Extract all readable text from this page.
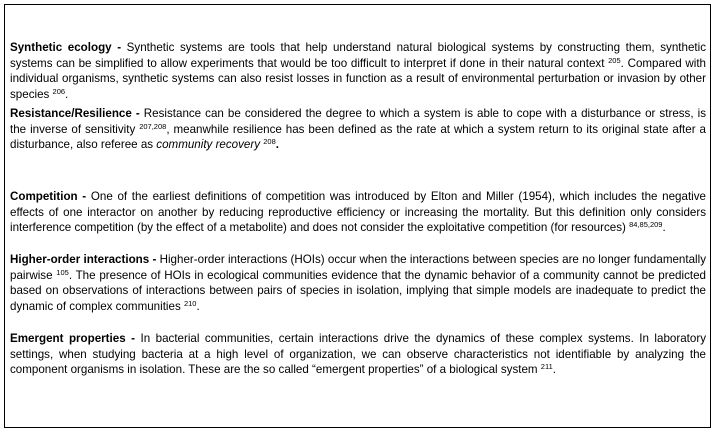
Synthetic ecology - Synthetic systems are tools that help understand natural biological systems by constructing them, synthetic systems can be simplified to allow experiments that would be too difficult to interpret if done in their natural context $^{205}$. Compared with individual organisms, synthetic systems can also resist losses in function as a result of environmental perturbation or invasion by other species $^{206}$.

Resistance/Resilience - Resistance can be considered the degree to which a system is able to cope with a disturbance or stress, is the inverse of sensitivity $^{207,208}$, meanwhile resilience has been defined as the rate at which a system return to its original state after a disturbance, also referee as community recovery $^{208}$.

Competition - One of the earliest definitions of competition was introduced by Elton and Miller (1954), which includes the negative effects of one interactor on another by reducing reproductive efficiency or increasing the mortality. But this definition only considers interference competition (by the effect of a metabolite) and does not consider the exploitative competition (for resources) $^{84,85,209}$.

Higher-order interactions - Higher-order interactions (HOIs) occur when the interactions between species are no longer fundamentally pairwise $^{105}$. The presence of HOIs in ecological communities evidence that the dynamic behavior of a community cannot be predicted based on observations of interactions between pairs of species in isolation, implying that simple models are inadequate to predict the dynamic of complex communities $^{210}$.

Emergent properties - In bacterial communities, certain interactions drive the dynamics of these complex systems. In laboratory settings, when studying bacteria at a high level of organization, we can observe characteristics not identifiable by analyzing the component organisms in isolation. These are the so called “emergent properties” of a biological system $^{211}$.
